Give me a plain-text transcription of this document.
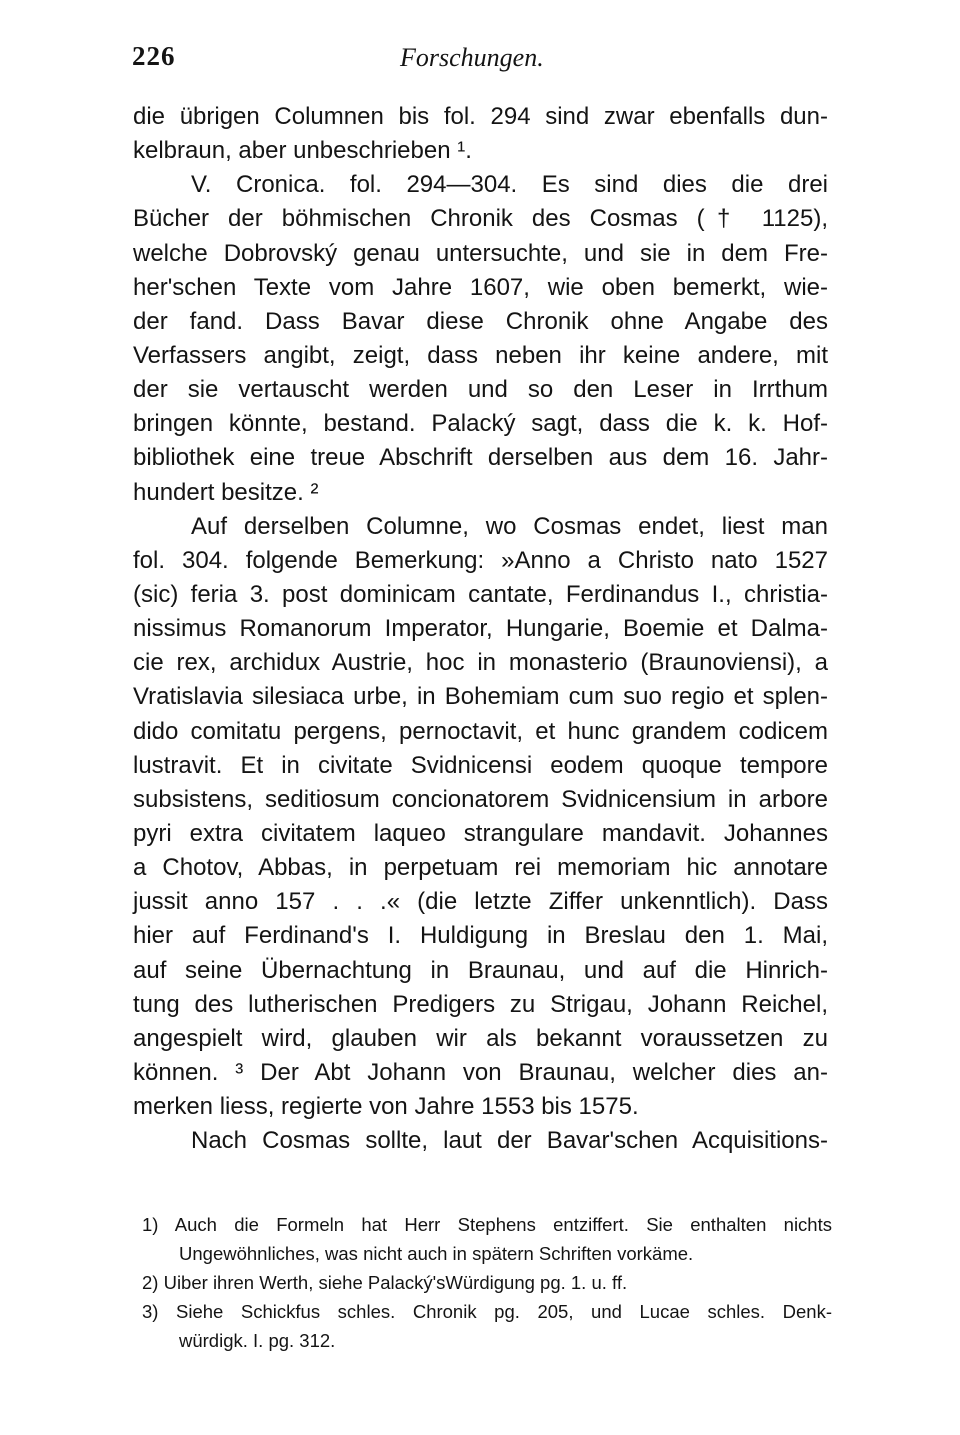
226	Forschungen.
die übrigen Columnen bis fol. 294 sind zwar ebenfalls dun-
kelbraun, aber unbeschrieben ¹.
V. Cronica. fol. 294—304. Es sind dies die drei
Bücher der böhmischen Chronik des Cosmas († 1125),
welche Dobrovský genau untersuchte, und sie in dem Fre-
her'schen Texte vom Jahre 1607, wie oben bemerkt, wie-
der fand. Dass Bavar diese Chronik ohne Angabe des
Verfassers angibt, zeigt, dass neben ihr keine andere, mit
der sie vertauscht werden und so den Leser in Irrthum
bringen könnte, bestand. Palacký sagt, dass die k. k. Hof-
bibliothek eine treue Abschrift derselben aus dem 16. Jahr-
hundert besitze. ²
Auf derselben Columne, wo Cosmas endet, liest man
fol. 304. folgende Bemerkung: »Anno a Christo nato 1527
(sic) feria 3. post dominicam cantate, Ferdinandus I., christia-
nissimus Romanorum Imperator, Hungarie, Boemie et Dalma-
cie rex, archidux Austrie, hoc in monasterio (Braunoviensi), a
Vratislavia silesiaca urbe, in Bohemiam cum suo regio et splen-
dido comitatu pergens, pernoctavit, et hunc grandem codicem
lustravit. Et in civitate Svidnicensi eodem quoque tempore
subsistens, seditiosum concionatorem Svidnicensium in arbore
pyri extra civitatem laqueo strangulare mandavit. Johannes
a Chotov, Abbas, in perpetuam rei memoriam hic annotare
jussit anno 157 . . .« (die letzte Ziffer unkenntlich). Dass
hier auf Ferdinand's I. Huldigung in Breslau den 1. Mai,
auf seine Übernachtung in Braunau, und auf die Hinrich-
tung des lutherischen Predigers zu Strigau, Johann Reichel,
angespielt wird, glauben wir als bekannt voraussetzen zu
können. ³ Der Abt Johann von Braunau, welcher dies an-
merken liess, regierte von Jahre 1553 bis 1575.
Nach Cosmas sollte, laut der Bavar'schen Acquisitions-
1) Auch die Formeln hat Herr Stephens entziffert. Sie enthalten nichts
Ungewöhnliches, was nicht auch in spätern Schriften vorkäme.
2) Uiber ihren Werth, siehe Palacký'sWürdigung pg. 1. u. ff.
3) Siehe Schickfus schles. Chronik pg. 205, und Lucae schles. Denk-
würdigk. I. pg. 312.
